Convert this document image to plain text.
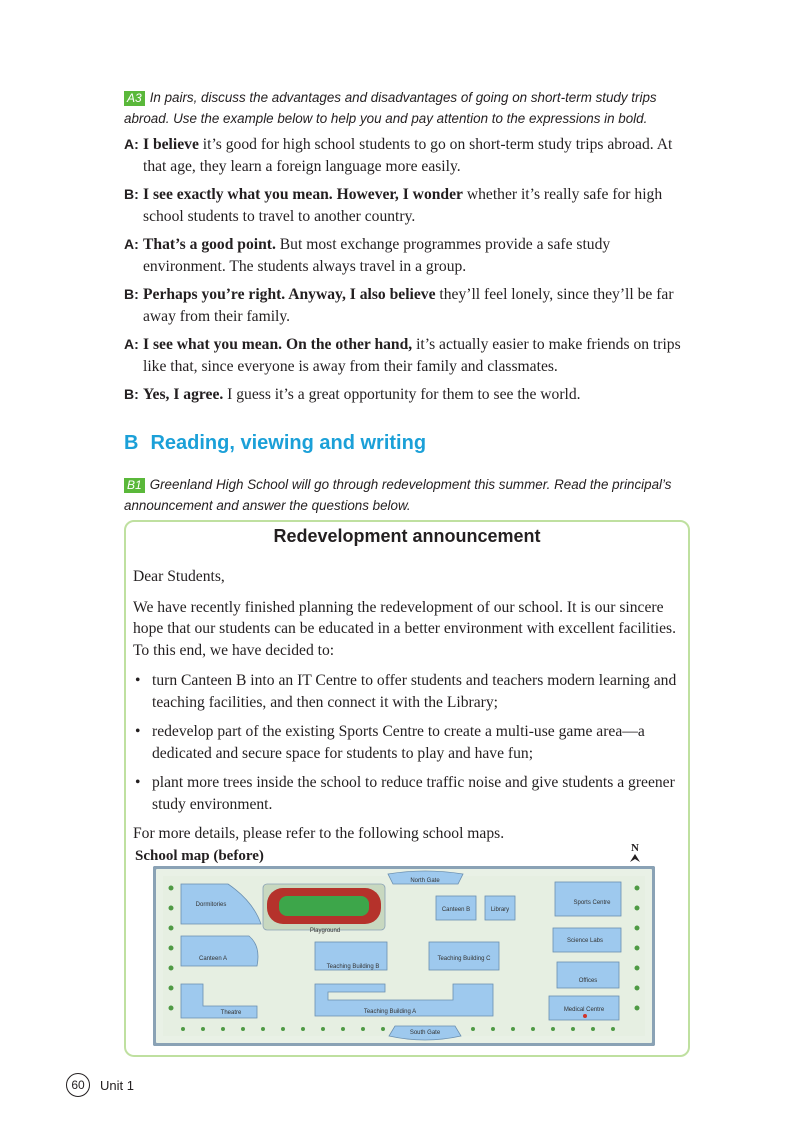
A3 In pairs, discuss the advantages and disadvantages of going on short-term study trips abroad. Use the example below to help you and pay attention to the expressions in bold.
A: I believe it’s good for high school students to go on short-term study trips abroad. At that age, they learn a foreign language more easily.
B: I see exactly what you mean. However, I wonder whether it’s really safe for high school students to travel to another country.
A: That’s a good point. But most exchange programmes provide a safe study environment. The students always travel in a group.
B: Perhaps you’re right. Anyway, I also believe they’ll feel lonely, since they’ll be far away from their family.
A: I see what you mean. On the other hand, it’s actually easier to make friends on trips like that, since everyone is away from their family and classmates.
B: Yes, I agree. I guess it’s a great opportunity for them to see the world.
B Reading, viewing and writing
B1 Greenland High School will go through redevelopment this summer. Read the principal’s announcement and answer the questions below.
Redevelopment announcement

Dear Students,

We have recently finished planning the redevelopment of our school. It is our sincere hope that our students can be educated in a better environment with excellent facilities. To this end, we have decided to:

• turn Canteen B into an IT Centre to offer students and teachers modern learning and teaching facilities, and then connect it with the Library;
• redevelop part of the existing Sports Centre to create a multi-use game area—a dedicated and secure space for students to play and have fun;
• plant more trees inside the school to reduce traffic noise and give students a greener study environment.

For more details, please refer to the following school maps.

School map (before)	N
North Gate
Dormitories
Playground
Canteen B	Library
Sports Centre
Science Labs
Canteen A
Teaching Building B
Teaching Building C
Offices
Theatre	Teaching Building A	Medical Centre
South Gate
60	Unit 1
